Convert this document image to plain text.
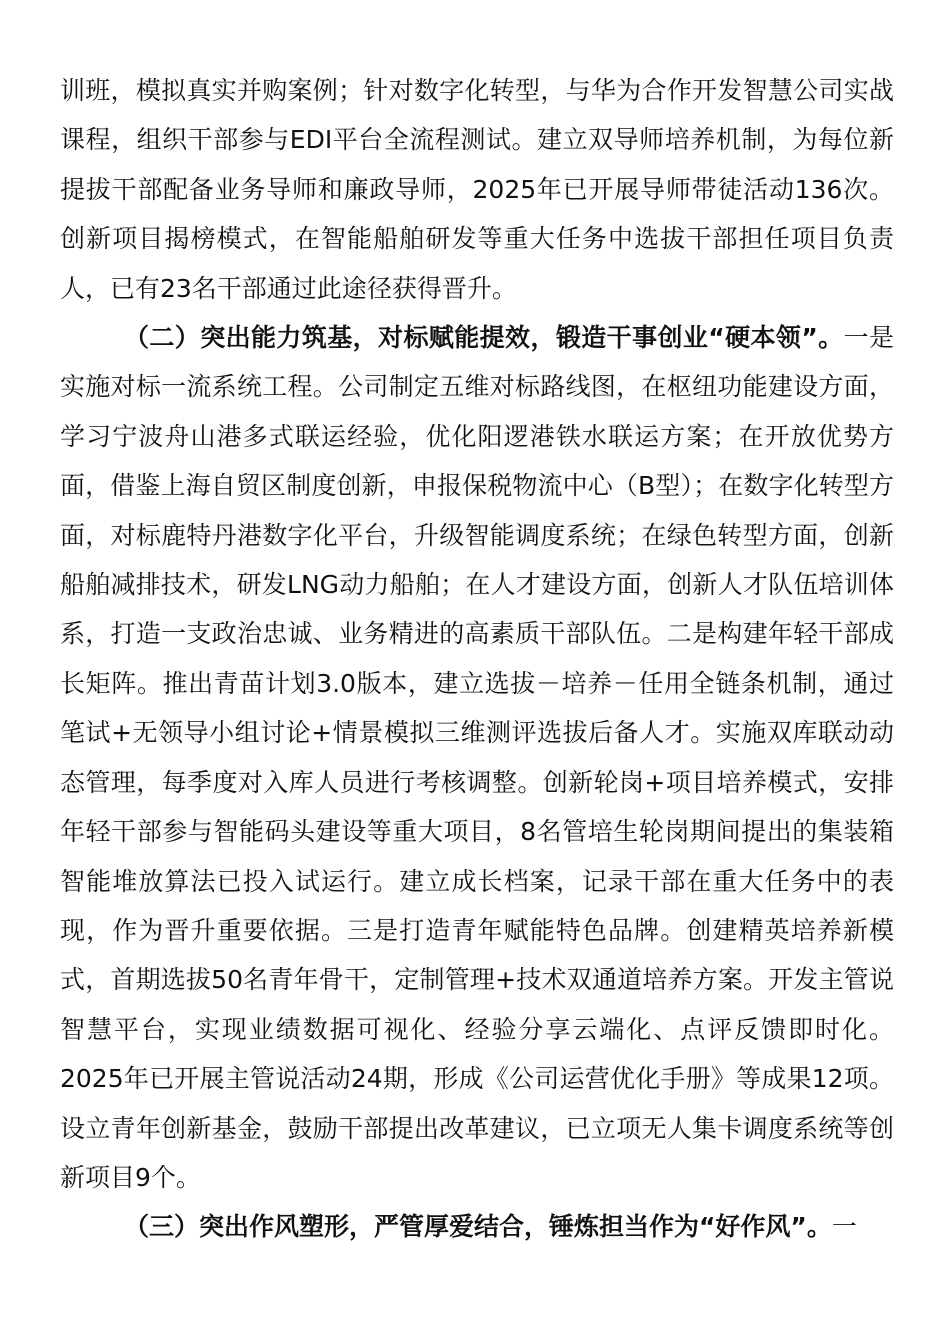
训班，模拟真实并购案例；针对数字化转型，与华为合作开发智慧公司实战课程，组织干部参与EDI平台全流程测试。建立双导师培养机制，为每位新提拔干部配备业务导师和廉政导师，2025年已开展导师带徒活动136次。创新项目揭榜模式，在智能船舶研发等重大任务中选拔干部担任项目负责人，已有23名干部通过此途径获得晋升。

（二）突出能力筑基，对标赋能提效，锻造干事创业“硬本领”。一是实施对标一流系统工程。公司制定五维对标路线图，在枢纽功能建设方面，学习宁波舟山港多式联运经验，优化阳逻港铁水联运方案；在开放优势方面，借鉴上海自贸区制度创新，申报保税物流中心（B型）；在数字化转型方面，对标鹿特丹港数字化平台，升级智能调度系统；在绿色转型方面，创新船舶减排技术，研发LNG动力船舶；在人才建设方面，创新人才队伍培训体系，打造一支政治忠诚、业务精进的高素质干部队伍。二是构建年轻干部成长矩阵。推出青苗计划3.0版本，建立选拔－培养－任用全链条机制，通过笔试+无领导小组讨论+情景模拟三维测评选拔后备人才。实施双库联动动态管理，每季度对入库人员进行考核调整。创新轮岗+项目培养模式，安排年轻干部参与智能码头建设等重大项目，8名管培生轮岗期间提出的集装箱智能堆放算法已投入试运行。建立成长档案，记录干部在重大任务中的表现，作为晋升重要依据。三是打造青年赋能特色品牌。创建精英培养新模式，首期选拔50名青年骨干，定制管理+技术双通道培养方案。开发主管说智慧平台，实现业绩数据可视化、经验分享云端化、点评反馈即时化。2025年已开展主管说活动24期，形成《公司运营优化手册》等成果12项。设立青年创新基金，鼓励干部提出改革建议，已立项无人集卡调度系统等创新项目9个。

（三）突出作风塑形，严管厚爱结合，锤炼担当作为“好作风”。一
